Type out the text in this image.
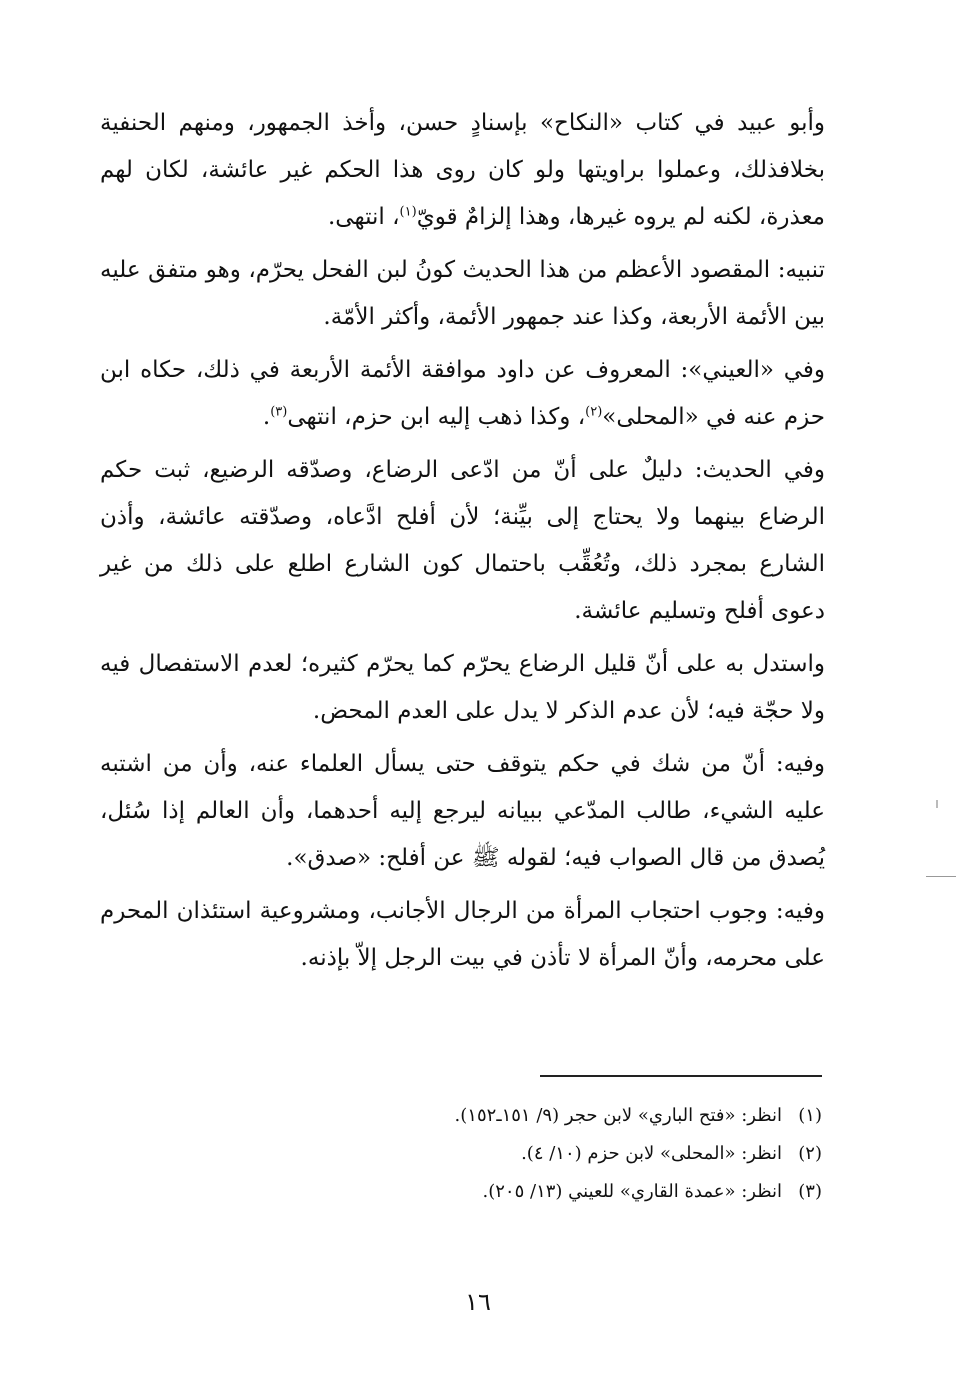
وأبو عبيد في كتاب «النكاح» بإسنادٍ حسن، وأخذ الجمهور، ومنهم الحنفية بخلافذلك، وعملوا براويتها ولو كان روى هذا الحكم غير عائشة، لكان لهم معذرة، لكنه لم يروه غيرها، وهذا إلزامٌ قويّ$^{(١)}$، انتهى.

تنبيه: المقصود الأعظم من هذا الحديث كونُ لبن الفحل يحرّم، وهو متفق عليه بين الأئمة الأربعة، وكذا عند جمهور الأئمة، وأكثر الأمّة.

وفي «العيني»: المعروف عن داود موافقة الأئمة الأربعة في ذلك، حكاه ابن حزم عنه في «المحلى»$^{(٢)}$، وكذا ذهب إليه ابن حزم، انتهى$^{(٣)}$.

وفي الحديث: دليلٌ على أنّ من ادّعى الرضاع، وصدّقه الرضيع، ثبت حكم الرضاع بينهما ولا يحتاج إلى بيِّنة؛ لأن أفلح ادَّعاه، وصدّقته عائشة، وأذن الشارع بمجرد ذلك، وتُعُقِّب باحتمال كون الشارع اطلع على ذلك من غير دعوى أفلح وتسليم عائشة.

واستدل به على أنّ قليل الرضاع يحرّم كما يحرّم كثيره؛ لعدم الاستفصال فيه ولا حجّة فيه؛ لأن عدم الذكر لا يدل على العدم المحض.

وفيه: أنّ من شك في حكم يتوقف حتى يسأل العلماء عنه، وأن من اشتبه عليه الشيء، طالب المدّعي ببيانه ليرجع إليه أحدهما، وأن العالم إذا سُئل، يُصدق من قال الصواب فيه؛ لقوله ﷺ عن أفلح: «صدق».

وفيه: وجوب احتجاب المرأة من الرجال الأجانب، ومشروعية استئذان المحرم على محرمه، وأنّ المرأة لا تأذن في بيت الرجل إلاّ بإذنه.

(١)انظر: «فتح الباري» لابن حجر (٩/ ١٥١ـ١٥٢).
(٢)انظر: «المحلى» لابن حزم (١٠/ ٤).
(٣)انظر: «عمدة القاري» للعيني (١٣/ ٢٠٥).
١٦
